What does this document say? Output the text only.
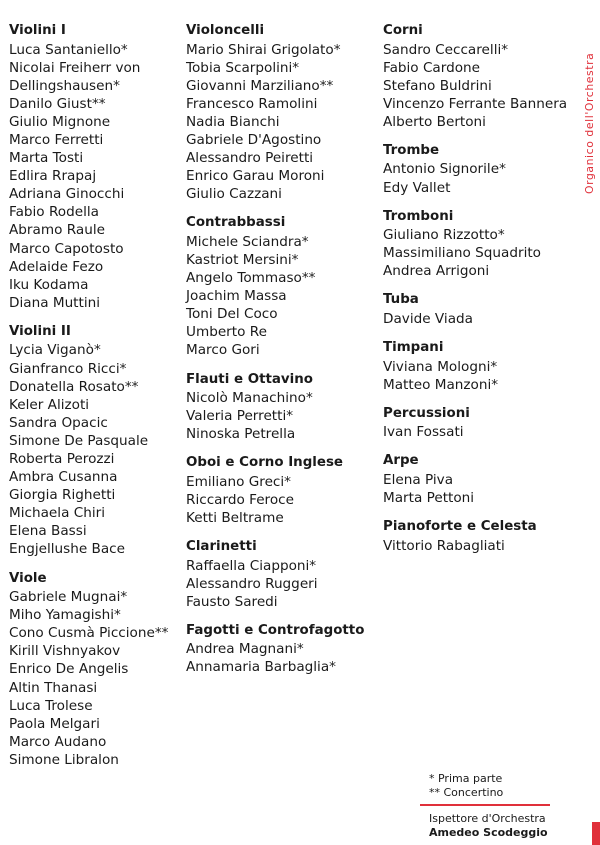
Violini I
Luca Santaniello*
Nicolai Freiherr von
Dellingshausen*
Danilo Giust**
Giulio Mignone
Marco Ferretti
Marta Tosti
Edlira Rrapaj
Adriana Ginocchi
Fabio Rodella
Abramo Raule
Marco Capotosto
Adelaide Fezo
Iku Kodama
Diana Muttini
Violini II
Lycia Viganò*
Gianfranco Ricci*
Donatella Rosato**
Keler Alizoti
Sandra Opacic
Simone De Pasquale
Roberta Perozzi
Ambra Cusanna
Giorgia Righetti
Michaela Chiri
Elena Bassi
Engjellushe Bace
Viole
Gabriele Mugnai*
Miho Yamagishi*
Cono Cusmà Piccione**
Kirill Vishnyakov
Enrico De Angelis
Altin Thanasi
Luca Trolese
Paola Melgari
Marco Audano
Simone Libralon
Violoncelli
Mario Shirai Grigolato*
Tobia Scarpolini*
Giovanni Marziliano**
Francesco Ramolini
Nadia Bianchi
Gabriele D'Agostino
Alessandro Peiretti
Enrico Garau Moroni
Giulio Cazzani
Contrabbassi
Michele Sciandra*
Kastriot Mersini*
Angelo Tommaso**
Joachim Massa
Toni Del Coco
Umberto Re
Marco Gori
Flauti e Ottavino
Nicolò Manachino*
Valeria Perretti*
Ninoska Petrella
Oboi e Corno Inglese
Emiliano Greci*
Riccardo Feroce
Ketti Beltrame
Clarinetti
Raffaella Ciapponi*
Alessandro Ruggeri
Fausto Saredi
Fagotti e Controfagotto
Andrea Magnani*
Annamaria Barbaglia*
Corni
Sandro Ceccarelli*
Fabio Cardone
Stefano Buldrini
Vincenzo Ferrante Bannera
Alberto Bertoni
Trombe
Antonio Signorile*
Edy Vallet
Tromboni
Giuliano Rizzotto*
Massimiliano Squadrito
Andrea Arrigoni
Tuba
Davide Viada
Timpani
Viviana Mologni*
Matteo Manzoni*
Percussioni
Ivan Fossati
Arpe
Elena Piva
Marta Pettoni
Pianoforte e Celesta
Vittorio Rabagliati
Organico dell'Orchestra
* Prima parte
** Concertino
Ispettore d'Orchestra
Amedeo Scodeggio
